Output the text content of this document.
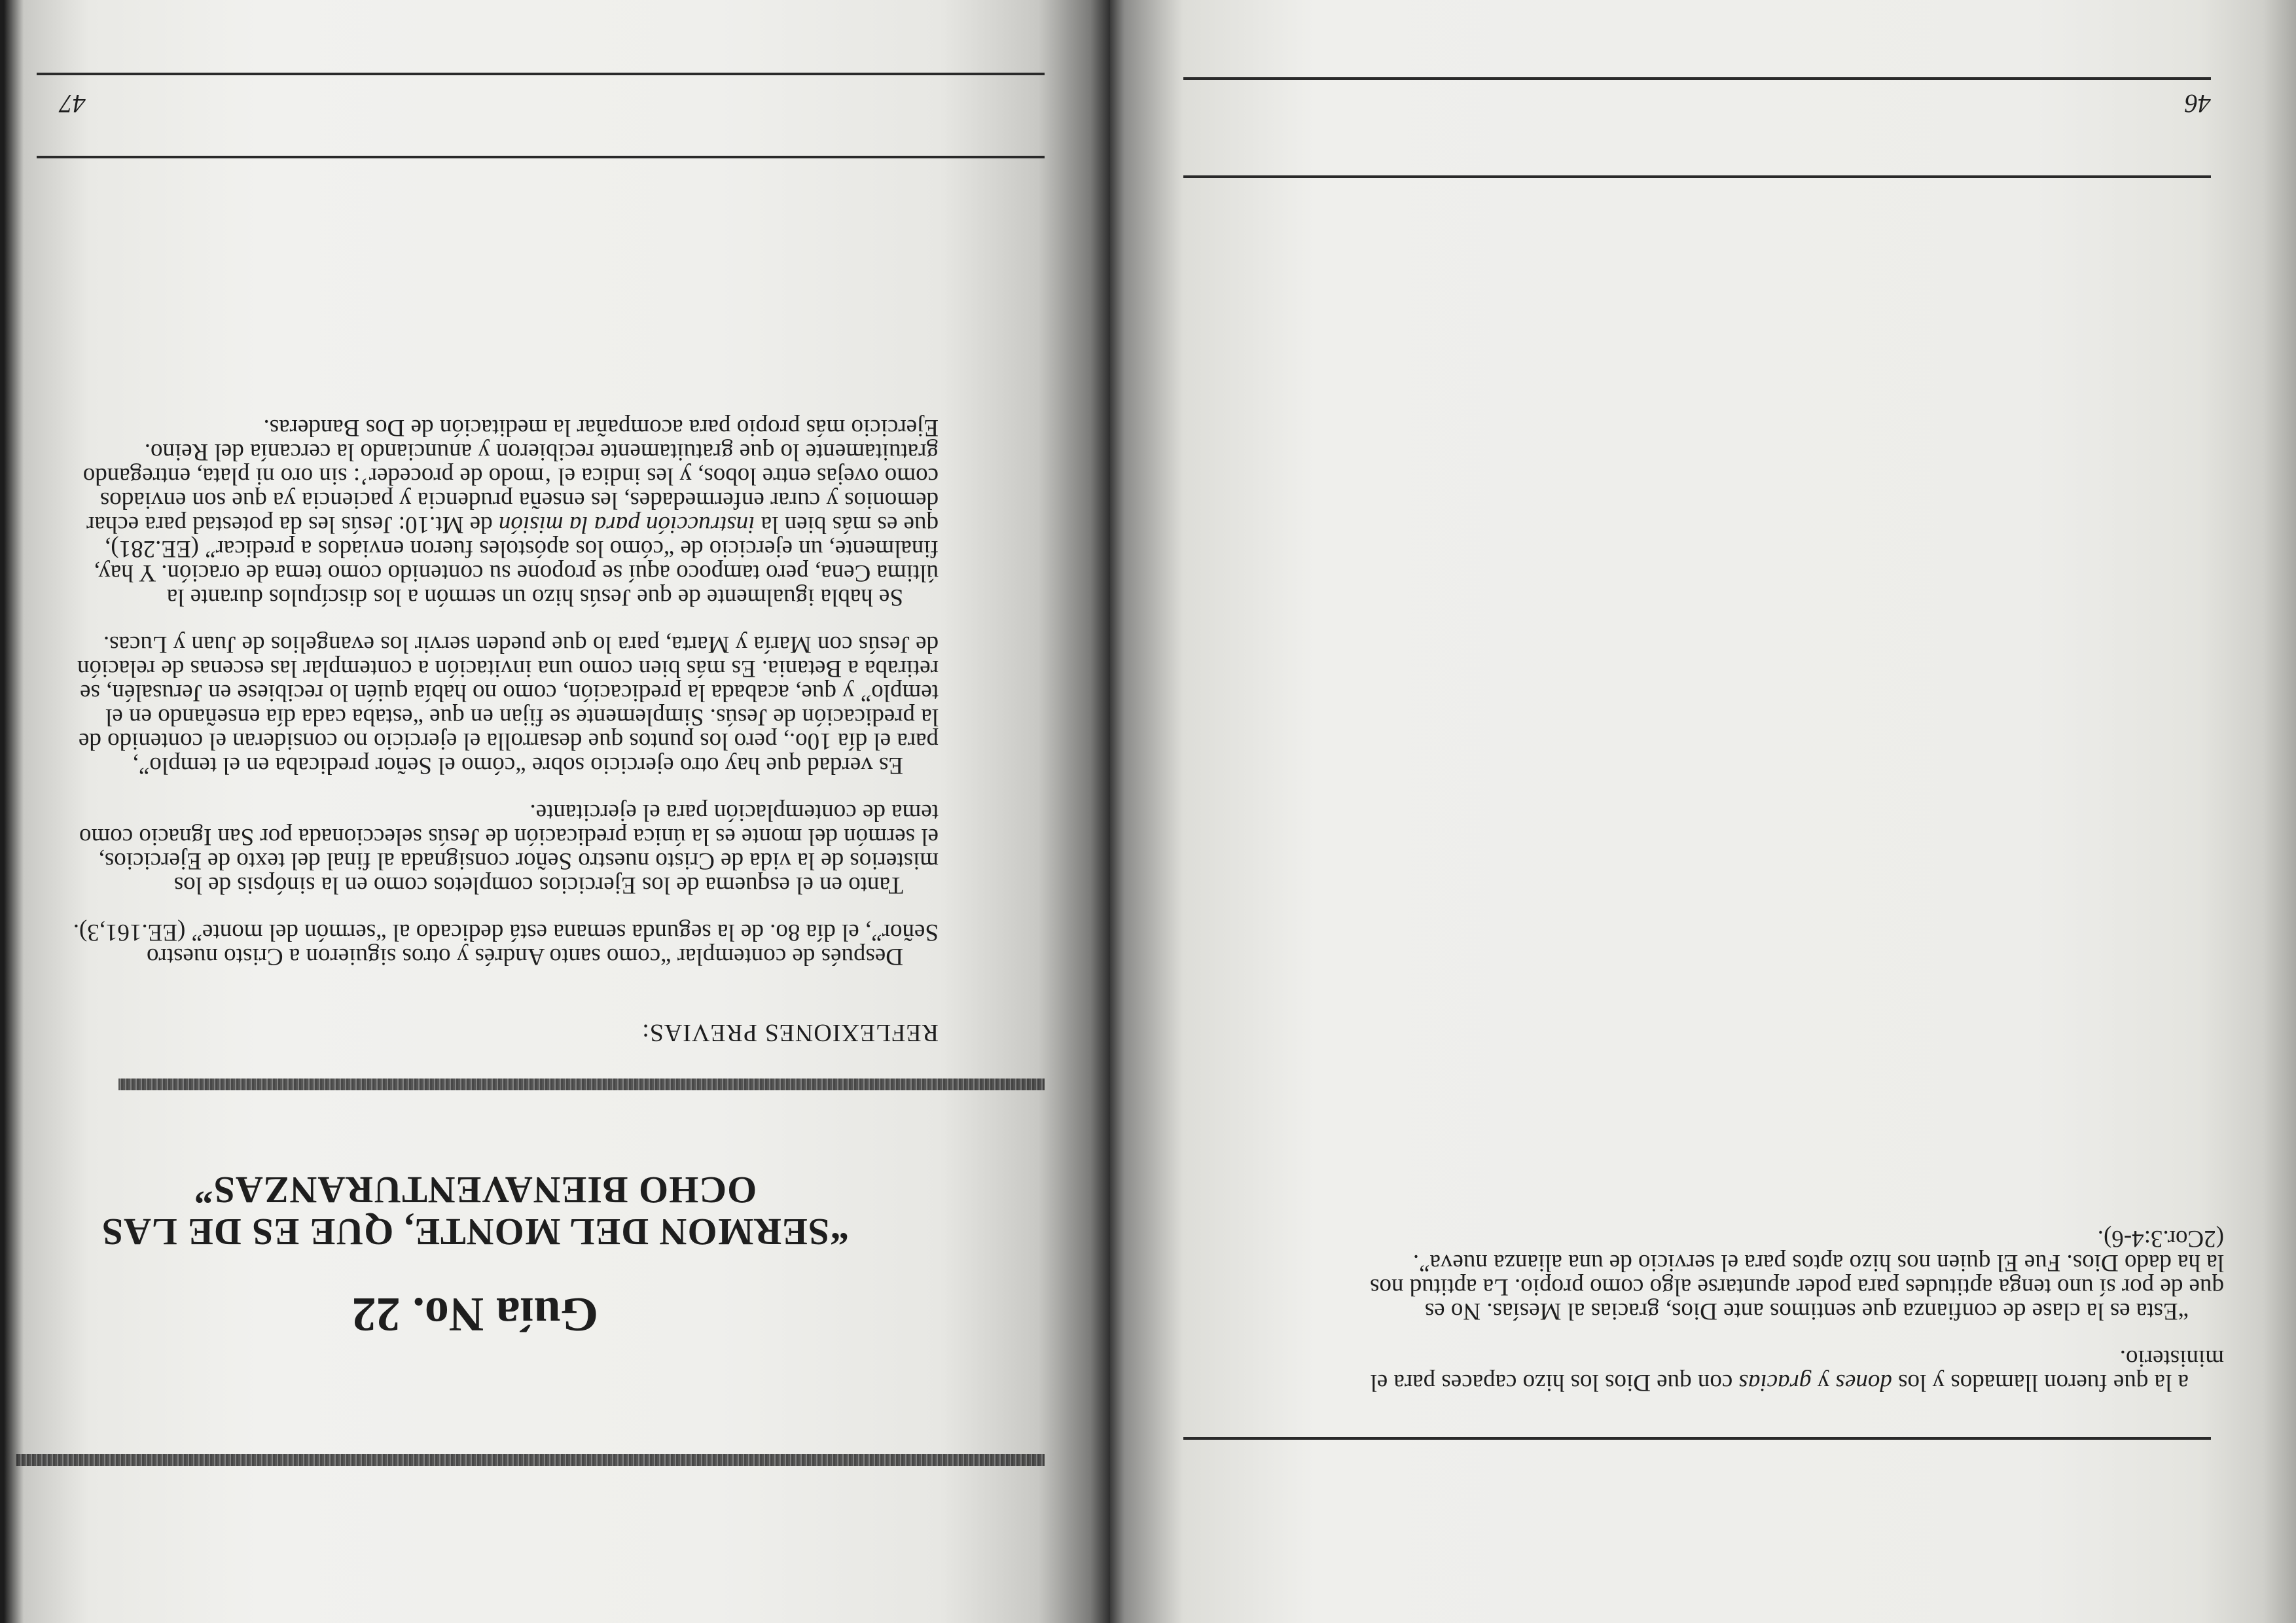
46

a la que fueron llamados y los dones y gracias con que Dios los hizo capaces para el
ministerio.

“Esta es la clase de confianza que sentimos ante Dios, gracias al Mesías. No es
que de por sí uno tenga aptitudes para poder apuntarse algo como propio. La aptitud nos
la ha dado Dios. Fue El quien nos hizo aptos para el servicio de una alianza nueva”.
(2Cor.3:4-6).

47
Guía No. 22
“SERMON DEL MONTE, QUE ES DE LAS
OCHO BIENAVENTURANZAS”
REFLEXIONES PREVIAS:

Después de contemplar “como santo Andrés y otros siguieron a Cristo nuestro
Señor”, el día 8o. de la segunda semana está dedicado al “sermón del monte” (EE.161,3).

Tanto en el esquema de los Ejercicios completos como en la sinópsis de los
misterios de la vida de Cristo nuestro Señor consignada al final del texto de Ejercicios,
el sermón del monte es la única predicación de Jesús seleccionada por San Ignacio como
tema de contemplación para el ejercitante.

Es verdad que hay otro ejercicio sobre “cómo el Señor predicaba en el templo”,
para el día 10o., pero los puntos que desarrolla el ejercicio no consideran el contenido de
la predicación de Jesús. Simplemente se fijan en que “estaba cada día enseñando en el
templo” y que, acabada la predicación, como no había quién lo recibiese en Jerusalén, se
retiraba a Betania. Es más bien como una invitación a contemplar las escenas de relación
de Jesús con María y Marta, para lo que pueden servir los evangelios de Juan y Lucas.

Se habla igualmente de que Jesús hizo un sermón a los discípulos durante la
última Cena, pero tampoco aquí se propone su contenido como tema de oración. Y hay,
finalmente, un ejercicio de “cómo los apóstoles fueron enviados a predicar” (EE.281),
que es más bien la instrucción para la misión de Mt.10: Jesús les da potestad para echar
demonios y curar enfermedades, les enseña prudencia y paciencia ya que son enviados
como ovejas entre lobos, y les indica el ‘modo de proceder’: sin oro ni plata, entregando
gratuitamente lo que gratuitamente recibieron y anunciando la cercanía del Reino.
Ejercicio más propio para acompañar la meditación de Dos Banderas.
